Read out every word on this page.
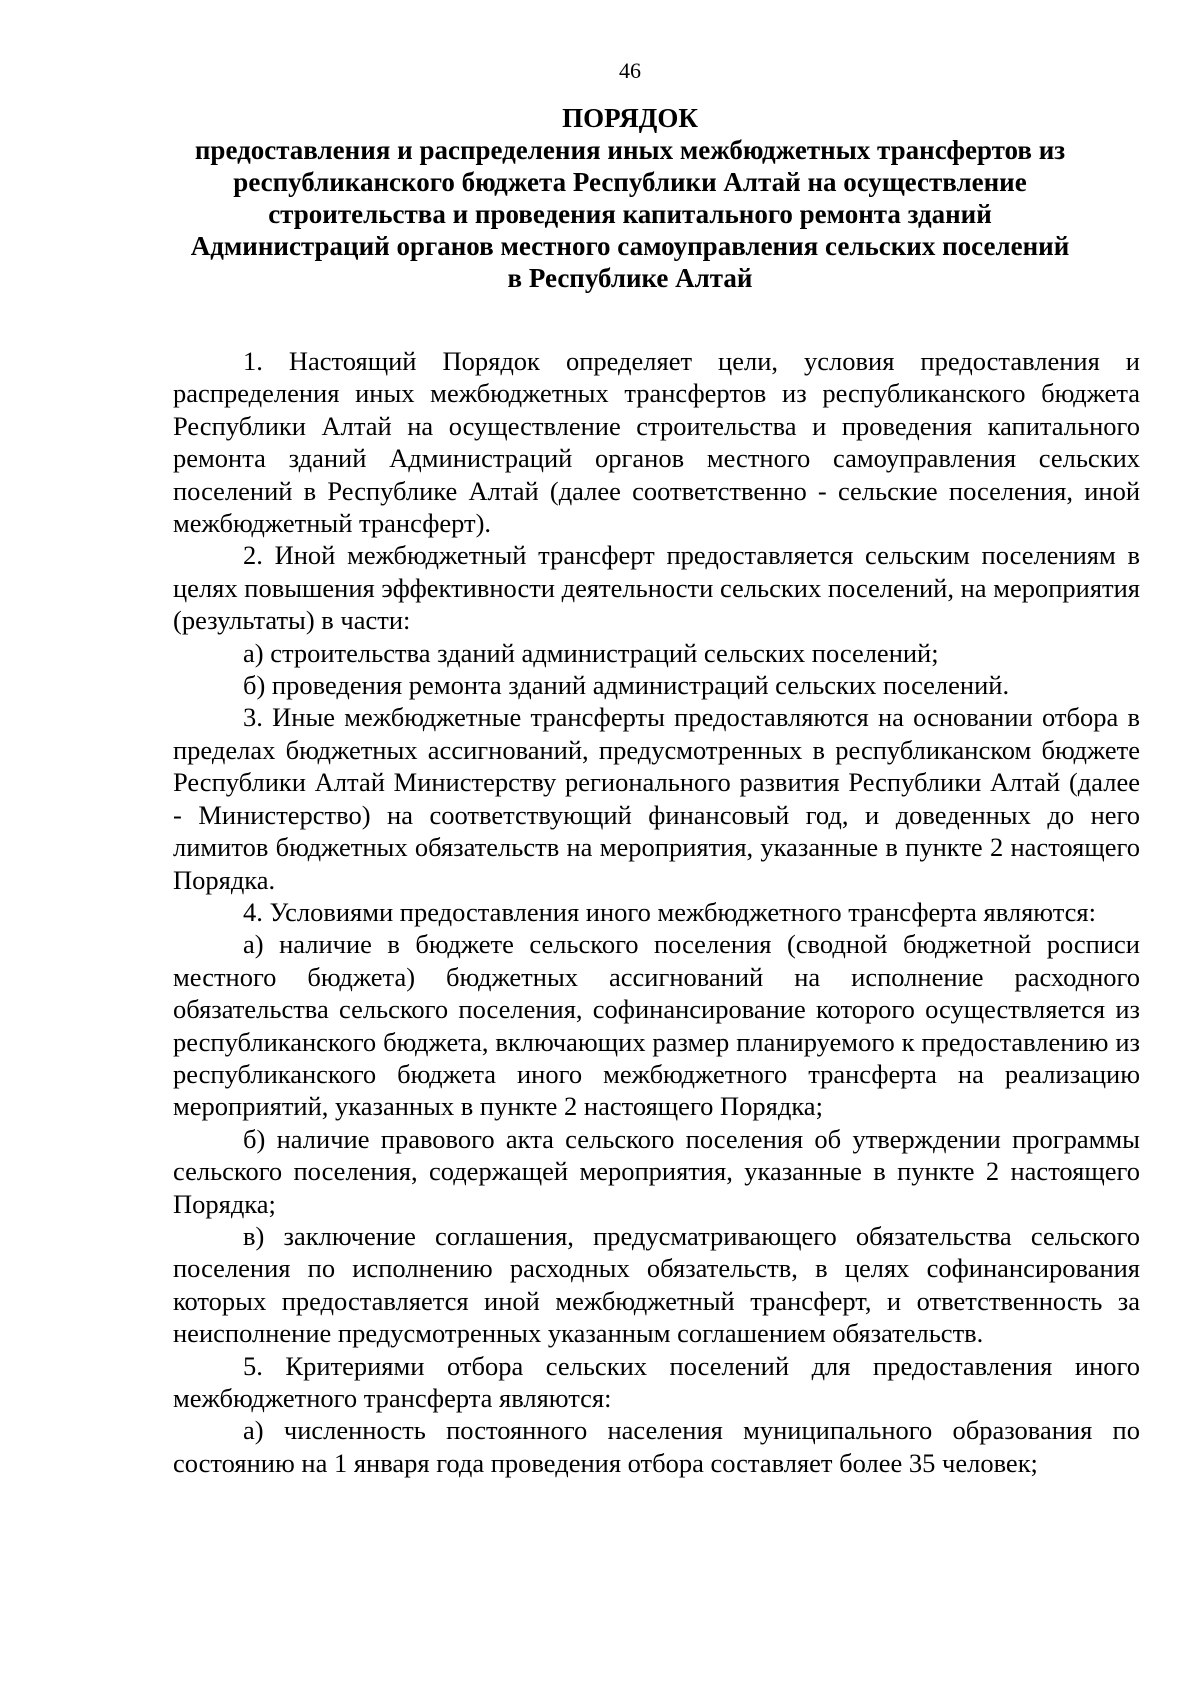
46

ПОРЯДОК

предоставления и распределения иных межбюджетных трансфертов из

республиканского бюджета Республики Алтай на осуществление

строительства и проведения капитального ремонта зданий

Администраций органов местного самоуправления сельских поселений

в Республике Алтай

1. Настоящий Порядок определяет цели, условия предоставления и распределения иных межбюджетных трансфертов из республиканского бюджета Республики Алтай на осуществление строительства и проведения капитального ремонта зданий Администраций органов местного самоуправления сельских поселений в Республике Алтай (далее соответственно - сельские поселения, иной межбюджетный трансферт).

2. Иной межбюджетный трансферт предоставляется сельским поселениям в целях повышения эффективности деятельности сельских поселений, на мероприятия (результаты) в части:

а) строительства зданий администраций сельских поселений;

б) проведения ремонта зданий администраций сельских поселений.

3. Иные межбюджетные трансферты предоставляются на основании отбора в пределах бюджетных ассигнований, предусмотренных в республиканском бюджете Республики Алтай Министерству регионального развития Республики Алтай (далее - Министерство) на соответствующий финансовый год, и доведенных до него лимитов бюджетных обязательств на мероприятия, указанные в пункте 2 настоящего Порядка.

4. Условиями предоставления иного межбюджетного трансферта являются:

а) наличие в бюджете сельского поселения (сводной бюджетной росписи местного бюджета) бюджетных ассигнований на исполнение расходного обязательства сельского поселения, софинансирование которого осуществляется из республиканского бюджета, включающих размер планируемого к предоставлению из республиканского бюджета иного межбюджетного трансферта на реализацию мероприятий, указанных в пункте 2 настоящего Порядка;

б) наличие правового акта сельского поселения об утверждении программы сельского поселения, содержащей мероприятия, указанные в пункте 2 настоящего Порядка;

в) заключение соглашения, предусматривающего обязательства сельского поселения по исполнению расходных обязательств, в целях софинансирования которых предоставляется иной межбюджетный трансферт, и ответственность за неисполнение предусмотренных указанным соглашением обязательств.

5. Критериями отбора сельских поселений для предоставления иного межбюджетного трансферта являются:

а) численность постоянного населения муниципального образования по состоянию на 1 января года проведения отбора составляет более 35 человек;
